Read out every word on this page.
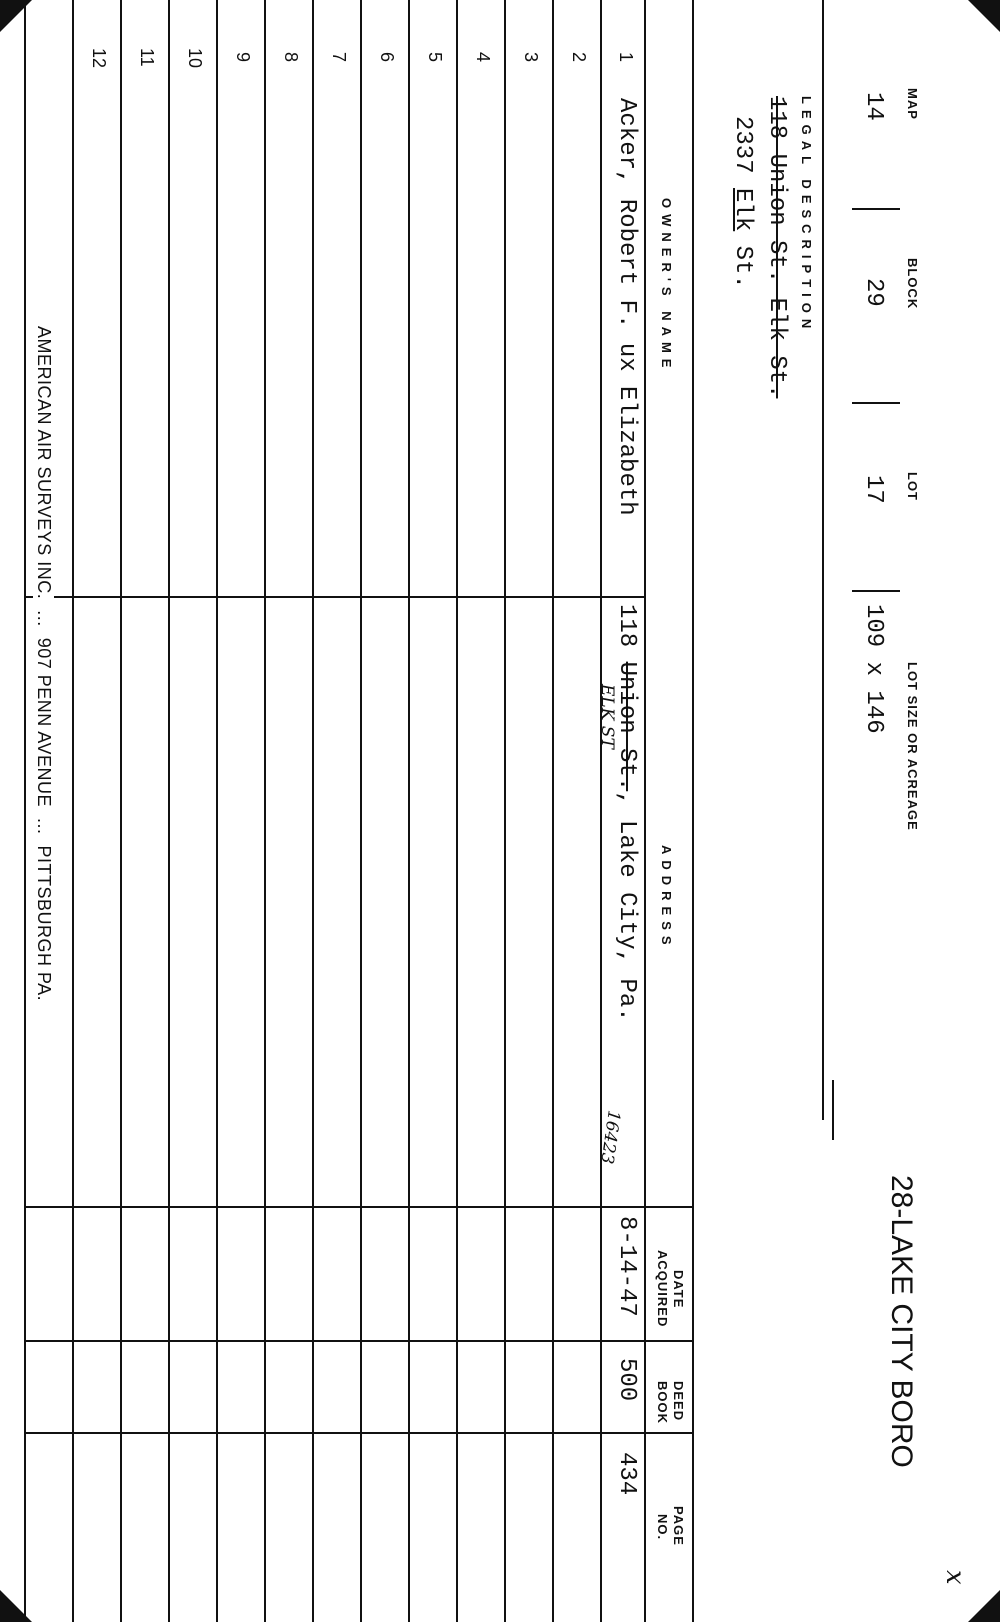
MAP
BLOCK
LOT
LOT SIZE OR ACREAGE
14
29
17
109 x 146
28-LAKE CITY BORO
x
LEGAL DESCRIPTION
118 Union St. Elk St.
2337 Elk St.
OWNER'S NAME
ADDRESS
DATE
ACQUIRED
DEED
BOOK
PAGE
NO.
1
2
3
4
5
6
7
8
9
10
11
12
Acker, Robert F. ux Elizabeth
118 Union St., Lake City, Pa.
ELK ST
16423
8-14-47
500
434
AMERICAN AIR SURVEYS INC.  ...  907 PENN AVENUE  ...  PITTSBURGH PA.
